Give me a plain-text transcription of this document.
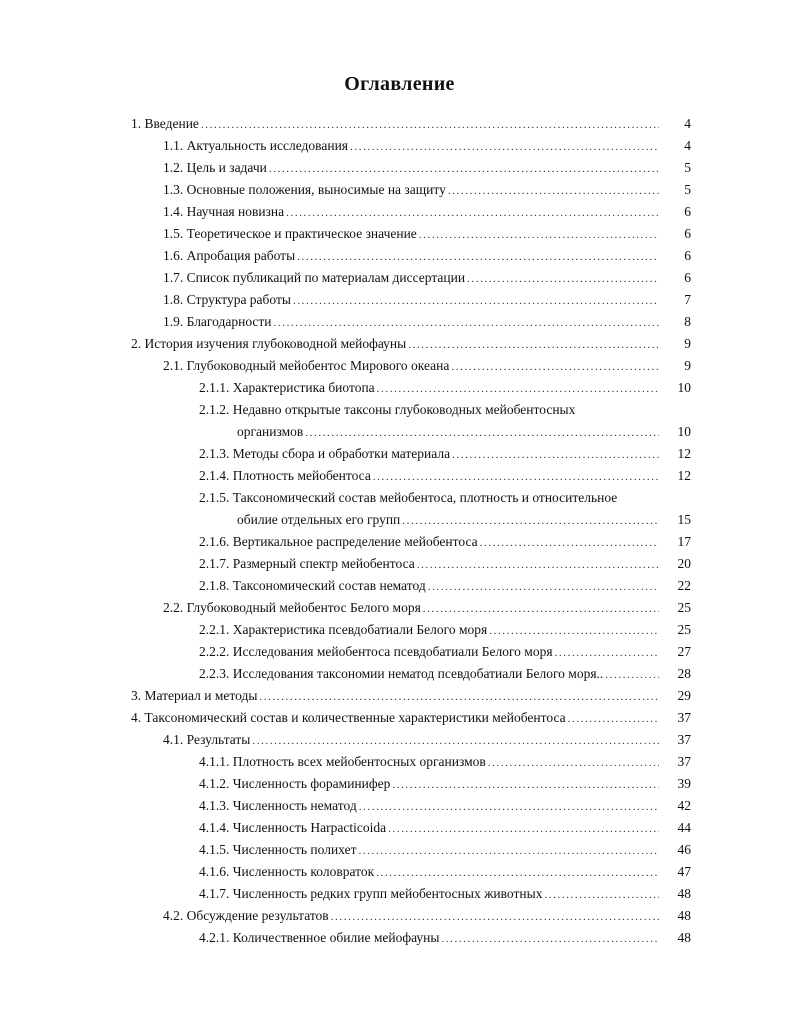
Оглавление
1. Введение .....	4
1.1. Актуальность исследования .....	4
1.2. Цель и задачи .....	5
1.3. Основные положения, выносимые на защиту .....	5
1.4. Научная новизна .....	6
1.5. Теоретическое и практическое значение .....	6
1.6. Апробация работы .....	6
1.7. Список публикаций по материалам диссертации .....	6
1.8. Структура работы .....	7
1.9. Благодарности .....	8
2. История изучения глубоководной мейофауны .....	9
2.1. Глубоководный мейобентос Мирового океана .....	9
2.1.1. Характеристика биотопа .....	10
2.1.2. Недавно открытые таксоны глубоководных мейобентосных
организмов .....	10
2.1.3. Методы сбора и обработки материала .....	12
2.1.4. Плотность мейобентоса .....	12
2.1.5. Таксономический состав мейобентоса, плотность и относительное
обилие отдельных его групп .....	15
2.1.6. Вертикальное распределение мейобентоса .....	17
2.1.7. Размерный спектр мейобентоса .....	20
2.1.8. Таксономический состав нематод .....	22
2.2. Глубоководный мейобентос Белого моря .....	25
2.2.1. Характеристика псевдобатиали Белого моря .....	25
2.2.2. Исследования мейобентоса псевдобатиали Белого моря .....	27
2.2.3. Исследования таксономии нематод псевдобатиали Белого моря.. .....	28
3. Материал и методы .....	29
4. Таксономический состав и количественные характеристики мейобентоса .....	37
4.1. Результаты .....	37
4.1.1. Плотность всех мейобентосных организмов .....	37
4.1.2. Численность фораминифер .....	39
4.1.3. Численность нематод .....	42
4.1.4. Численность Harpacticoida .....	44
4.1.5. Численность полихет .....	46
4.1.6. Численность коловраток .....	47
4.1.7. Численность редких групп мейобентосных животных .....	48
4.2. Обсуждение результатов .....	48
4.2.1. Количественное обилие мейофауны .....	48
